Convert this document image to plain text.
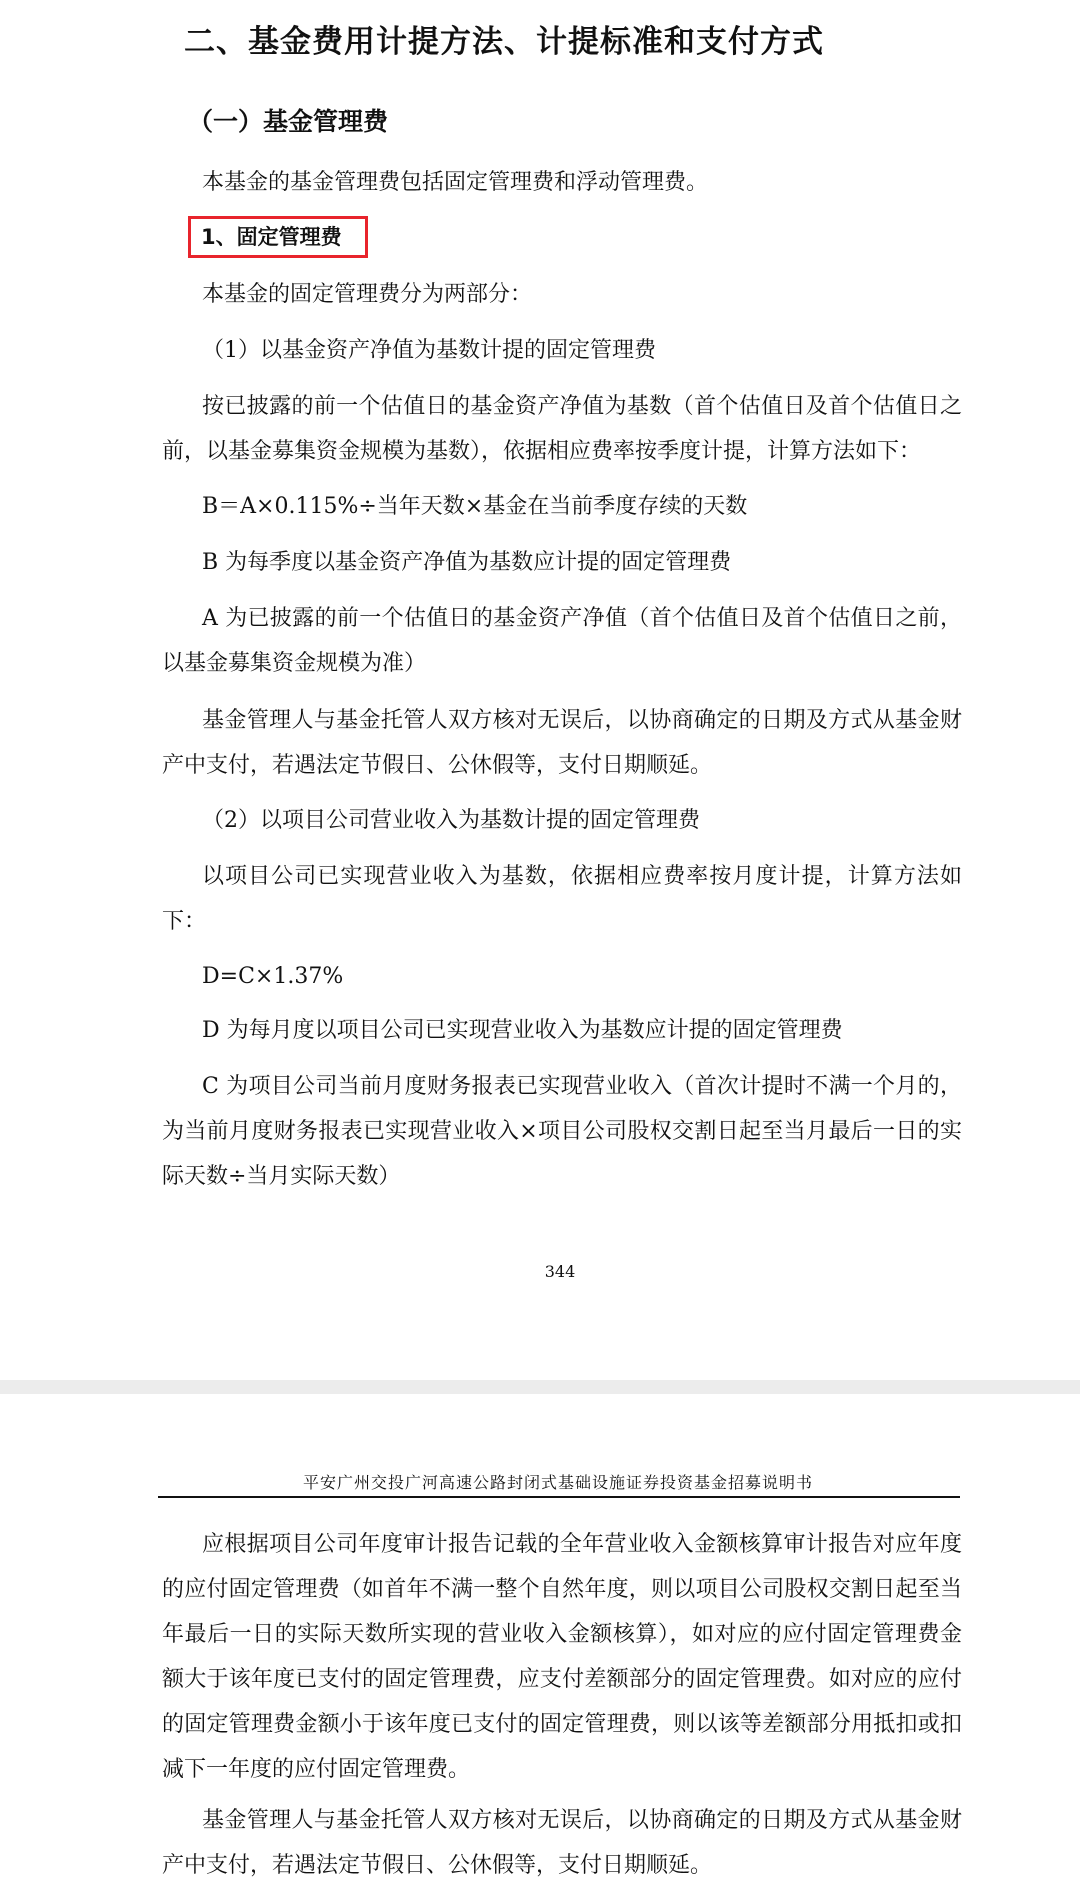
二、基金费用计提方法、计提标准和支付方式
（一）基金管理费
本基金的基金管理费包括固定管理费和浮动管理费。
1、固定管理费
本基金的固定管理费分为两部分：
（1）以基金资产净值为基数计提的固定管理费
按已披露的前一个估值日的基金资产净值为基数（首个估值日及首个估值日之前，以基金募集资金规模为基数），依据相应费率按季度计提，计算方法如下：
B＝A×0.115%÷当年天数×基金在当前季度存续的天数
B 为每季度以基金资产净值为基数应计提的固定管理费
A 为已披露的前一个估值日的基金资产净值（首个估值日及首个估值日之前，以基金募集资金规模为准）
基金管理人与基金托管人双方核对无误后，以协商确定的日期及方式从基金财产中支付，若遇法定节假日、公休假等，支付日期顺延。
（2）以项目公司营业收入为基数计提的固定管理费
以项目公司已实现营业收入为基数，依据相应费率按月度计提，计算方法如下：
D=C×1.37%
D 为每月度以项目公司已实现营业收入为基数应计提的固定管理费
C 为项目公司当前月度财务报表已实现营业收入（首次计提时不满一个月的，为当前月度财务报表已实现营业收入×项目公司股权交割日起至当月最后一日的实际天数÷当月实际天数）
344
平安广州交投广河高速公路封闭式基础设施证券投资基金招募说明书
应根据项目公司年度审计报告记载的全年营业收入金额核算审计报告对应年度的应付固定管理费（如首年不满一整个自然年度，则以项目公司股权交割日起至当年最后一日的实际天数所实现的营业收入金额核算），如对应的应付固定管理费金额大于该年度已支付的固定管理费，应支付差额部分的固定管理费。如对应的应付的固定管理费金额小于该年度已支付的固定管理费，则以该等差额部分用抵扣或扣减下一年度的应付固定管理费。
基金管理人与基金托管人双方核对无误后，以协商确定的日期及方式从基金财产中支付，若遇法定节假日、公休假等，支付日期顺延。
